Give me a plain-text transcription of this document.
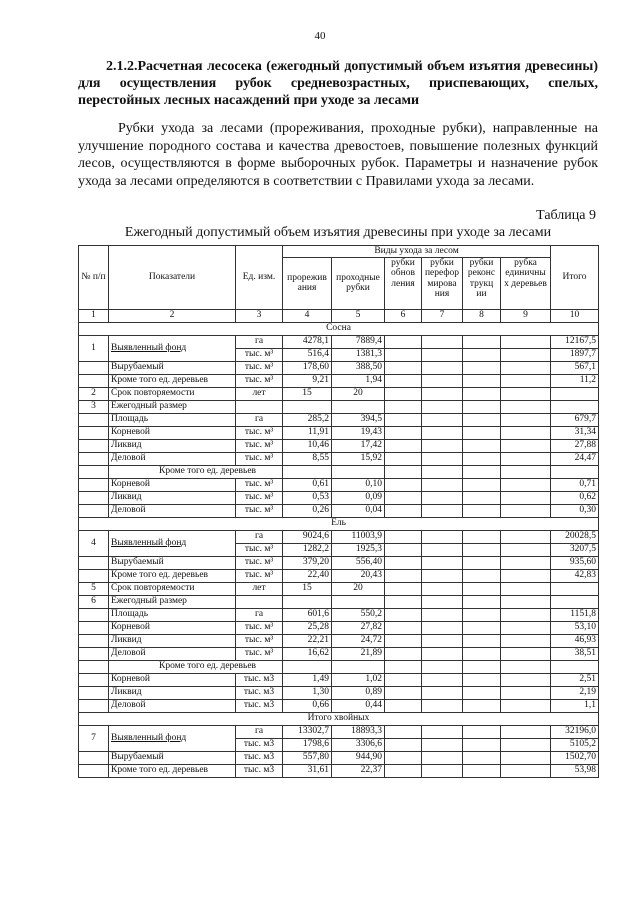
40
2.1.2.Расчетная лесосека (ежегодный допустимый объем изъятия древесины) для осуществления рубок средневозрастных, приспевающих, спелых, перестойных лесных насаждений при уходе за лесами
Рубки ухода за лесами (прореживания, проходные рубки), направленные на улучшение породного состава и качества древостоев, повышение полезных функций лесов, осуществляются в форме выборочных рубок. Параметры и назначение рубок ухода за лесами определяются в соответствии с Правилами ухода за лесами.
Таблица 9
Ежегодный допустимый объем изъятия древесины при уходе за лесами
№ п/п	Показатели	Ед. изм.	Виды ухода за лесом						Итого
			прорежив ания	проходные рубки	рубки обнов ления	рубки перефор мирова ния	рубки реконс трукц ии	рубка единичны х деревьев	
1	2	3	4	5	6	7	8	9	10
Сосна									
1	Выявленный фонд	га	4278,1	7889,4					12167,5
		тыс. м³	516,4	1381,3					1897,7
	Вырубаемый	тыс. м³	178,60	388,50					567,1
	Кроме того ед. деревьев	тыс. м³	9,21	1,94					11,2
2	Срок повторяемости	лет	15	20					
3	Ежегодный размер								
	Площадь	га	285,2	394,5					679,7
	Корневой	тыс. м³	11,91	19,43					31,34
	Ликвид	тыс. м³	10,46	17,42					27,88
	Деловой	тыс. м³	8,55	15,92					24,47
	Кроме того ед. деревьев								
	Корневой	тыс. м³	0,61	0,10					0,71
	Ликвид	тыс. м³	0,53	0,09					0,62
	Деловой	тыс. м³	0,26	0,04					0,30
Ель									
4	Выявленный фонд	га	9024,6	11003,9					20028,5
		тыс. м³	1282,2	1925,3					3207,5
	Вырубаемый	тыс. м³	379,20	556,40					935,60
	Кроме того ед. деревьев	тыс. м³	22,40	20,43					42,83
5	Срок повторяемости	лет	15	20					
6	Ежегодный размер								
	Площадь	га	601,6	550,2					1151,8
	Корневой	тыс. м³	25,28	27,82					53,10
	Ликвид	тыс. м³	22,21	24,72					46,93
	Деловой	тыс. м³	16,62	21,89					38,51
	Кроме того ед. деревьев								
	Корневой	тыс. м3	1,49	1,02					2,51
	Ликвид	тыс. м3	1,30	0,89					2,19
	Деловой	тыс. м3	0,66	0,44					1,1
Итого хвойных									
7	Выявленный фонд	га	13302,7	18893,3					32196,0
		тыс. м3	1798,6	3306,6					5105,2
	Вырубаемый	тыс. м3	557,80	944,90					1502,70
	Кроме того ед. деревьев	тыс. м3	31,61	22,37					53,98
